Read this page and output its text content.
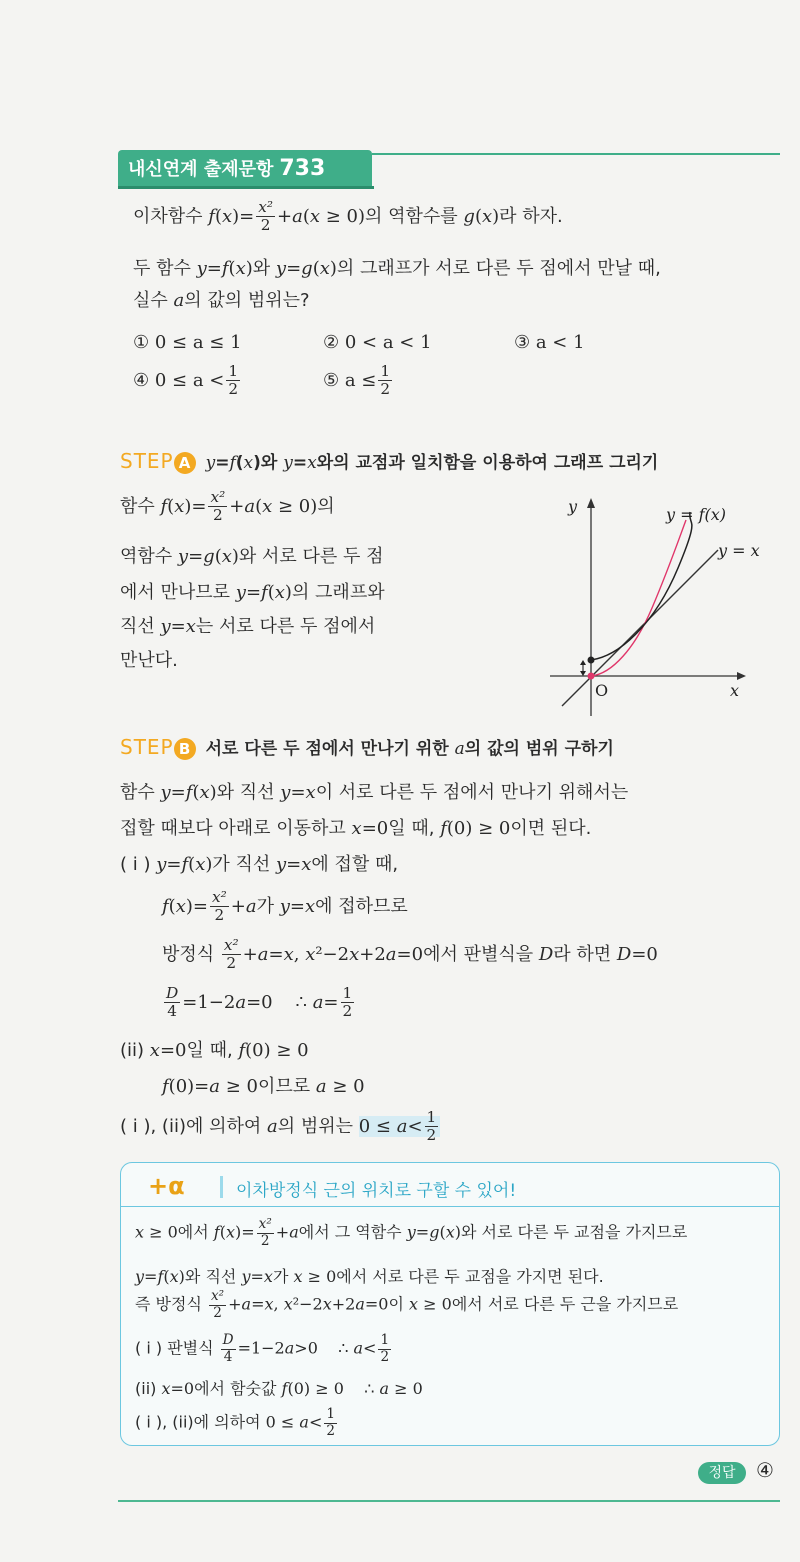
내신연계 출제문항 733
이차함수 $f(x)= \frac{\text{x²}}{2} +a(x \ge 0)$의 역함수를 g(x)라 하자.
두 함수 y=f(x)와 y=g(x)의 그래프가 서로 다른 두 점에서 만날 때,
실수 a의 값의 범위는?
① 0 ≤ a ≤ 1	② 0 < a < 1	③ a < 1
④ $0 \le a < \frac{1}{2}$	⑤ $a \le \frac{1}{2}$
STEP A y=f(x)와 y=x와의 교점과 일치함을 이용하여 그래프 그리기
함수 $f(x)= \frac{\text{x²}}{2} +a(x \ge 0)$의
역함수 y=g(x)와 서로 다른 두 점
에서 만나므로 y=f(x)의 그래프와
직선 y=x는 서로 다른 두 점에서
만난다.
y
x
O
y = f(x)
y = x
STEP B 서로 다른 두 점에서 만나기 위한 a의 값의 범위 구하기
함수 y=f(x)와 직선 y=x이 서로 다른 두 점에서 만나기 위해서는
접할 때보다 아래로 이동하고 x=0일 때, f(0) ≥ 0이면 된다.
( i ) y=f(x)가 직선 y=x에 접할 때,
$f(x)= \frac{\text{x²}}{2} +a$가 y=x에 접하므로
방정식 $\frac{\text{x²}}{2} +a=x$, x²−2x+2a=0에서 판별식을 D라 하면 D=0
$\frac{D}{4} =1-2a=0$    ∴ $a= \frac{1}{2}$
(ii) x=0일 때, f(0) ≥ 0
f(0)=a ≥ 0이므로 a ≥ 0
( i ), (ii)에 의하여 a의 범위는 $0 \le a< \frac{1}{2}$
+α	이차방정식 근의 위치로 구할 수 있어!
x ≥ 0에서 $f(x)= \frac{\text{x²}}{2} +a$에서 그 역함수 y=g(x)와 서로 다른 두 교점을 가지므로
y=f(x)와 직선 y=x가 x ≥ 0에서 서로 다른 두 교점을 가지면 된다.
즉 방정식 $\frac{\text{x²}}{2} +a=x$, x²−2x+2a=0이 x ≥ 0에서 서로 다른 두 근을 가지므로
( i ) 판별식 $\frac{D}{4} =1-2a>0$    ∴ $a< \frac{1}{2}$
(ii) x=0에서 함숫값 f(0) ≥ 0    ∴ a ≥ 0
( i ), (ii)에 의하여 $0 \le a< \frac{1}{2}$
정답	④
